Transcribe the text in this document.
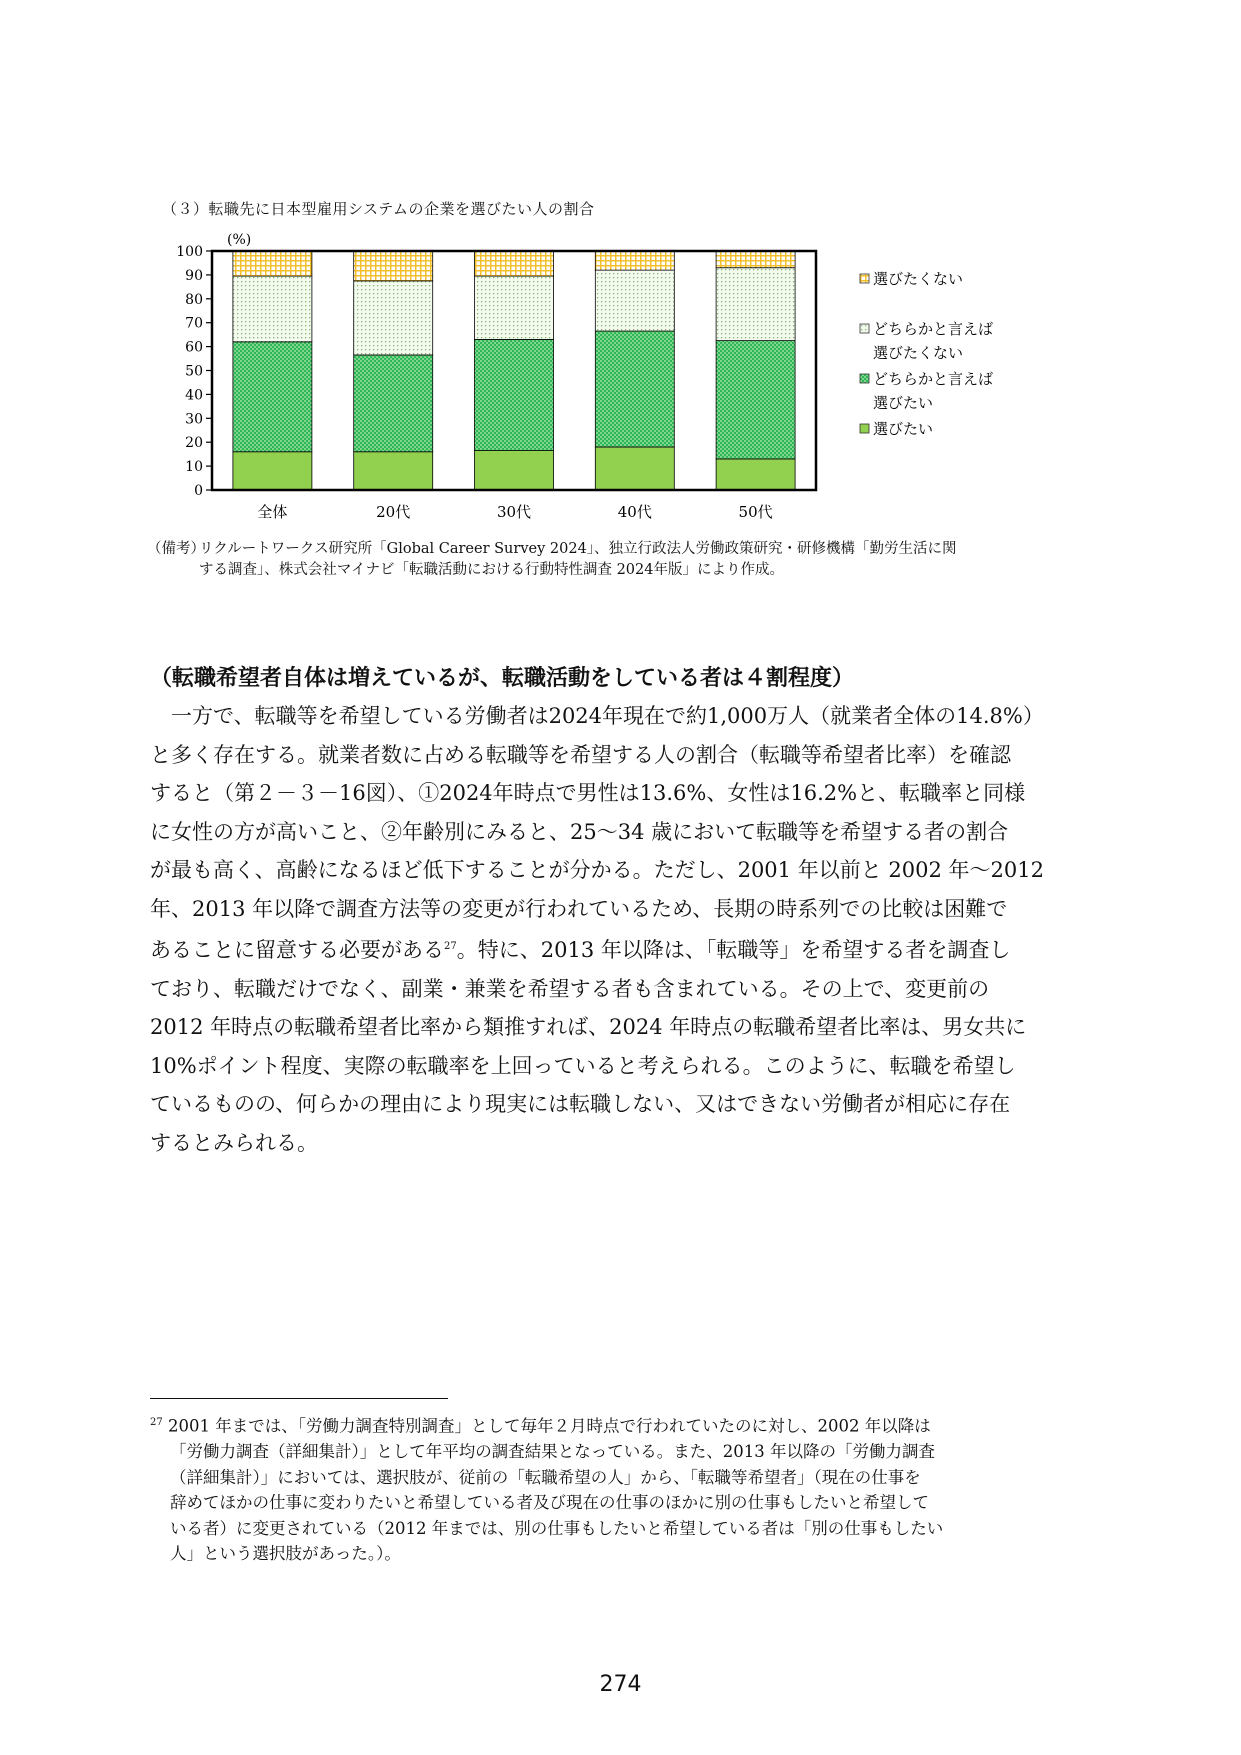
（３）転職先に日本型雇用システムの企業を選びたい人の割合
(%)
0
10
20
30
40
50
60
70
80
90
100
全体	20代	30代	40代	50代
選びたくない
どちらかと言えば
選びたくない
どちらかと言えば
選びたい
選びたい
（備考）
リクルートワークス研究所「Global Career Survey 2024」、独立行政法人労働政策研究・研修機構「勤労生活に関
する調査」、株式会社マイナビ「転職活動における行動特性調査 2024年版」により作成。
（転職希望者自体は増えているが、転職活動をしている者は４割程度）
　一方で、転職等を希望している労働者は2024年現在で約1,000万人（就業者全体の14.8%）
と多く存在する。就業者数に占める転職等を希望する人の割合（転職等希望者比率）を確認
すると（第２－３－16図）、①2024年時点で男性は13.6%、女性は16.2%と、転職率と同様
に女性の方が高いこと、②年齢別にみると、25～34 歳において転職等を希望する者の割合
が最も高く、高齢になるほど低下することが分かる。ただし、2001 年以前と 2002 年～2012
年、2013 年以降で調査方法等の変更が行われているため、長期の時系列での比較は困難で
あることに留意する必要がある$^{27}$。特に、2013 年以降は、「転職等」を希望する者を調査し
ており、転職だけでなく、副業・兼業を希望する者も含まれている。その上で、変更前の
2012 年時点の転職希望者比率から類推すれば、2024 年時点の転職希望者比率は、男女共に
10%ポイント程度、実際の転職率を上回っていると考えられる。このように、転職を希望し
ているものの、何らかの理由により現実には転職しない、又はできない労働者が相応に存在
するとみられる。
$^{27}$ 2001 年までは、「労働力調査特別調査」として毎年２月時点で行われていたのに対し、2002 年以降は
「労働力調査（詳細集計）」として年平均の調査結果となっている。また、2013 年以降の「労働力調査
（詳細集計）」においては、選択肢が、従前の「転職希望の人」から、「転職等希望者」（現在の仕事を
辞めてほかの仕事に変わりたいと希望している者及び現在の仕事のほかに別の仕事もしたいと希望して
いる者）に変更されている（2012 年までは、別の仕事もしたいと希望している者は「別の仕事もしたい
人」という選択肢があった。）。
274
